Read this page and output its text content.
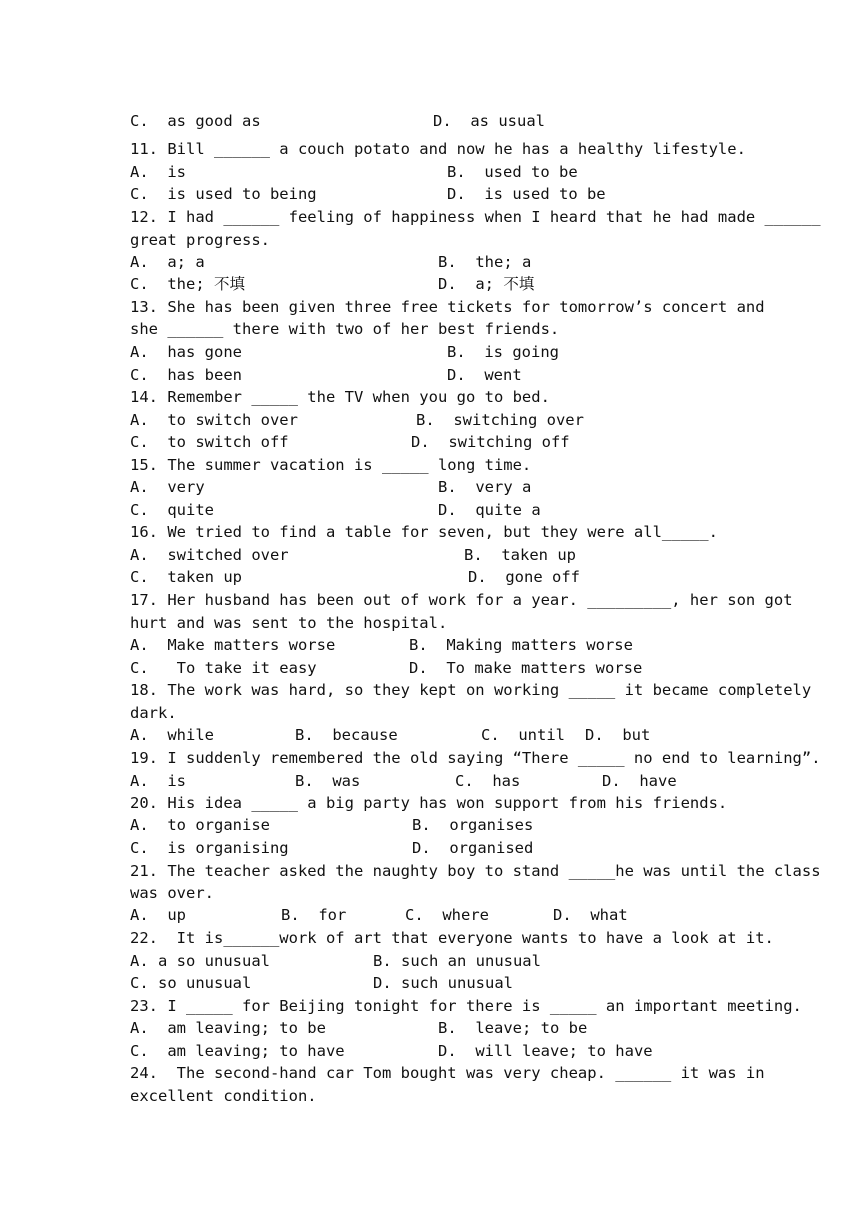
C.  as good as	D.  as usual
11. Bill ______ a couch potato and now he has a healthy lifestyle.
A.  is	B.  used to be
C.  is used to being	D.  is used to be
12. I had ______ feeling of happiness when I heard that he had made ______
great progress.
A.  a; a	B.  the; a
C.  the; 不填	D.  a; 不填
13. She has been given three free tickets for tomorrow’s concert and
she ______ there with two of her best friends.
A.  has gone	B.  is going
C.  has been	D.  went
14. Remember _____ the TV when you go to bed.
A.  to switch over	B.  switching over
C.  to switch off	D.  switching off
15. The summer vacation is _____ long time.
A.  very	B.  very a
C.  quite	D.  quite a
16. We tried to find a table for seven, but they were all_____.
A.  switched over	B.  taken up
C.  taken up	D.  gone off
17. Her husband has been out of work for a year. _________, her son got
hurt and was sent to the hospital.
A.  Make matters worse	B.  Making matters worse
C.   To take it easy	D.  To make matters worse
18. The work was hard, so they kept on working _____ it became completely
dark.
A.  while	B.  because	C.  until D.  but
19. I suddenly remembered the old saying “There _____ no end to learning”.
A.  is	B.  was	C.  has	D.  have
20. His idea _____ a big party has won support from his friends.
A.  to organise	B.  organises
C.  is organising	D.  organised
21. The teacher asked the naughty boy to stand _____he was until the class
was over.
A.  up	B.  for	C.  where	D.  what
22.  It is______work of art that everyone wants to have a look at it.
A. a so unusual	B. such an unusual
C. so unusual	D. such unusual
23. I _____ for Beijing tonight for there is _____ an important meeting.
A.  am leaving; to be	B.  leave; to be
C.  am leaving; to have	D.  will leave; to have
24.  The second-hand car Tom bought was very cheap. ______ it was in
excellent condition.
